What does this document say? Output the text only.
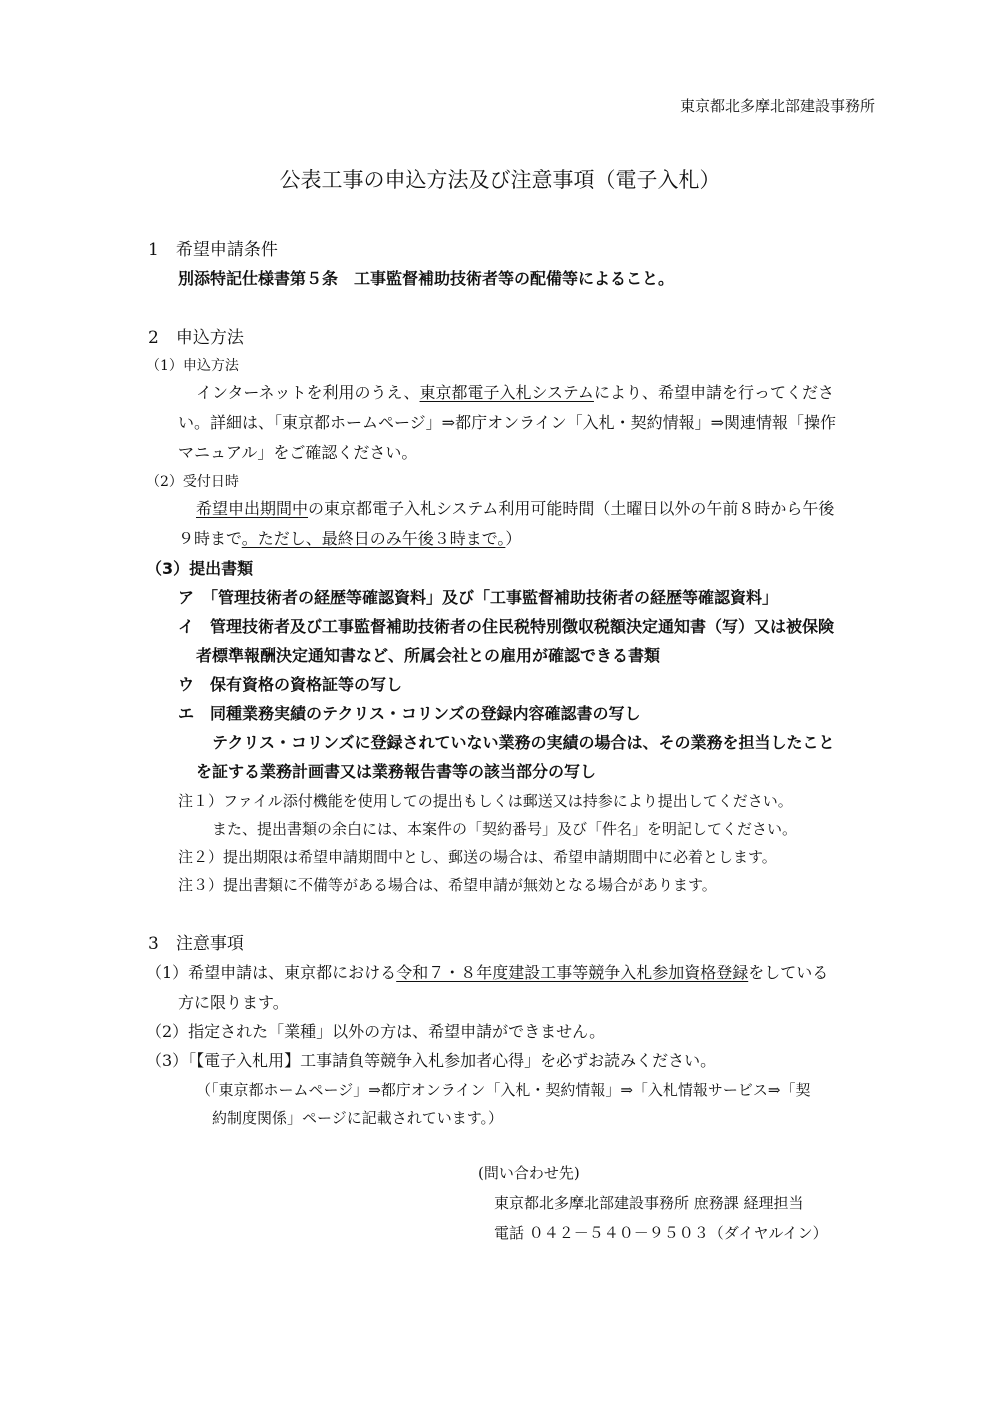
東京都北多摩北部建設事務所
公表工事の申込方法及び注意事項（電子入札）
1　希望申請条件
別添特記仕様書第５条　工事監督補助技術者等の配備等によること。
2　申込方法
（1）申込方法
インターネットを利用のうえ、東京都電子入札システムにより、希望申請を行ってくださ
い。詳細は、「東京都ホームページ」⇒都庁オンライン「入札・契約情報」⇒関連情報「操作
マニュアル」をご確認ください。
（2）受付日時
希望申出期間中の東京都電子入札システム利用可能時間（土曜日以外の午前８時から午後
９時まで。ただし、最終日のみ午後３時まで。）
（3）提出書類
ア　「管理技術者の経歴等確認資料」及び「工事監督補助技術者の経歴等確認資料」
イ　管理技術者及び工事監督補助技術者の住民税特別徴収税額決定通知書（写）又は被保険
者標準報酬決定通知書など、所属会社との雇用が確認できる書類
ウ　保有資格の資格証等の写し
エ　同種業務実績のテクリス・コリンズの登録内容確認書の写し
テクリス・コリンズに登録されていない業務の実績の場合は、その業務を担当したこと
を証する業務計画書又は業務報告書等の該当部分の写し
注１）ファイル添付機能を使用しての提出もしくは郵送又は持参により提出してください。
また、提出書類の余白には、本案件の「契約番号」及び「件名」を明記してください。
注２）提出期限は希望申請期間中とし、郵送の場合は、希望申請期間中に必着とします。
注３）提出書類に不備等がある場合は、希望申請が無効となる場合があります。
3　注意事項
（1）希望申請は、東京都における令和７・８年度建設工事等競争入札参加資格登録をしている
方に限ります。
（2）指定された「業種」以外の方は、希望申請ができません。
（3）「【電子入札用】工事請負等競争入札参加者心得」を必ずお読みください。
（「東京都ホームページ」⇒都庁オンライン「入札・契約情報」⇒「入札情報サービス⇒「契
約制度関係」ページに記載されています。）
(問い合わせ先)
東京都北多摩北部建設事務所 庶務課 経理担当
電話 ０４２－５４０－９５０３（ダイヤルイン）
